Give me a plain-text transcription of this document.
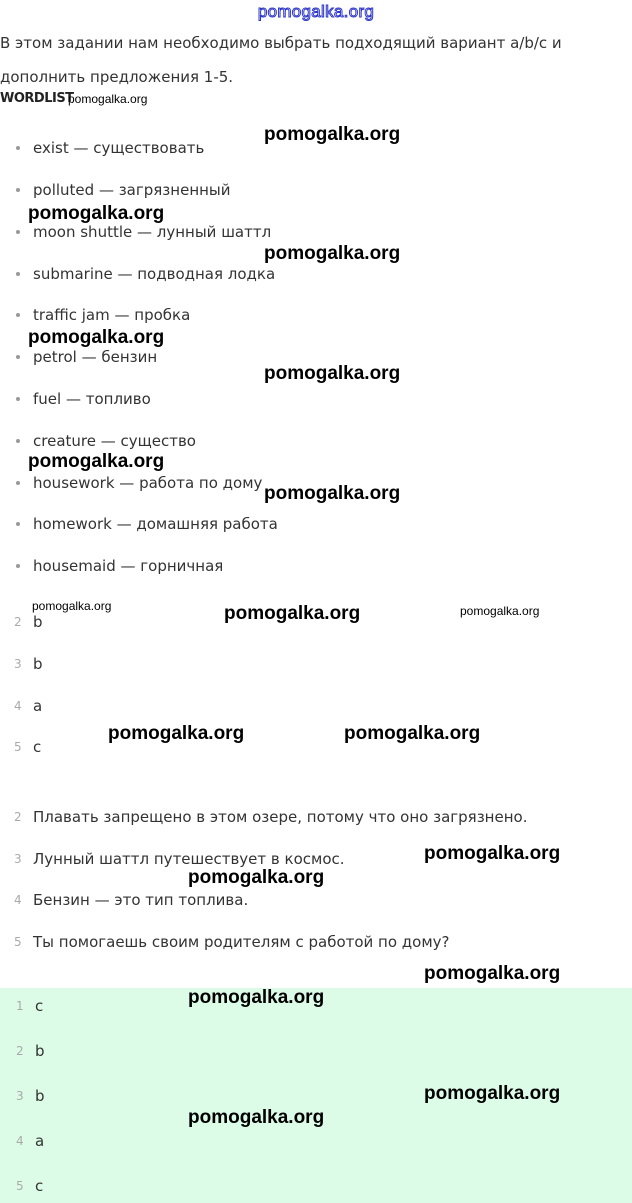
pomogalka.org
В этом задании нам необходимо выбрать подходящий вариант a/b/c и дополнить предложения 1-5.
WORDLIST
exist — существовать
polluted — загрязненный
moon shuttle — лунный шаттл
submarine — подводная лодка
traffic jam — пробка
petrol — бензин
fuel — топливо
creature — существо
housework — работа по дому
homework — домашняя работа
housemaid — горничная
2 b
3 b
4 a
5 c
2 Плавать запрещено в этом озере, потому что оно загрязнено.
3 Лунный шаттл путешествует в космос.
4 Бензин — это тип топлива.
5 Ты помогаешь своим родителям с работой по дому?
1 c
2 b
3 b
4 a
5 c
pomogalka.org
pomogalka.org
pomogalka.org
pomogalka.org
pomogalka.org
pomogalka.org
pomogalka.org
pomogalka.org
pomogalka.org	pomogalka.org	pomogalka.org
pomogalka.org	pomogalka.org
pomogalka.org
pomogalka.org
pomogalka.org
pomogalka.org
pomogalka.org
pomogalka.org
